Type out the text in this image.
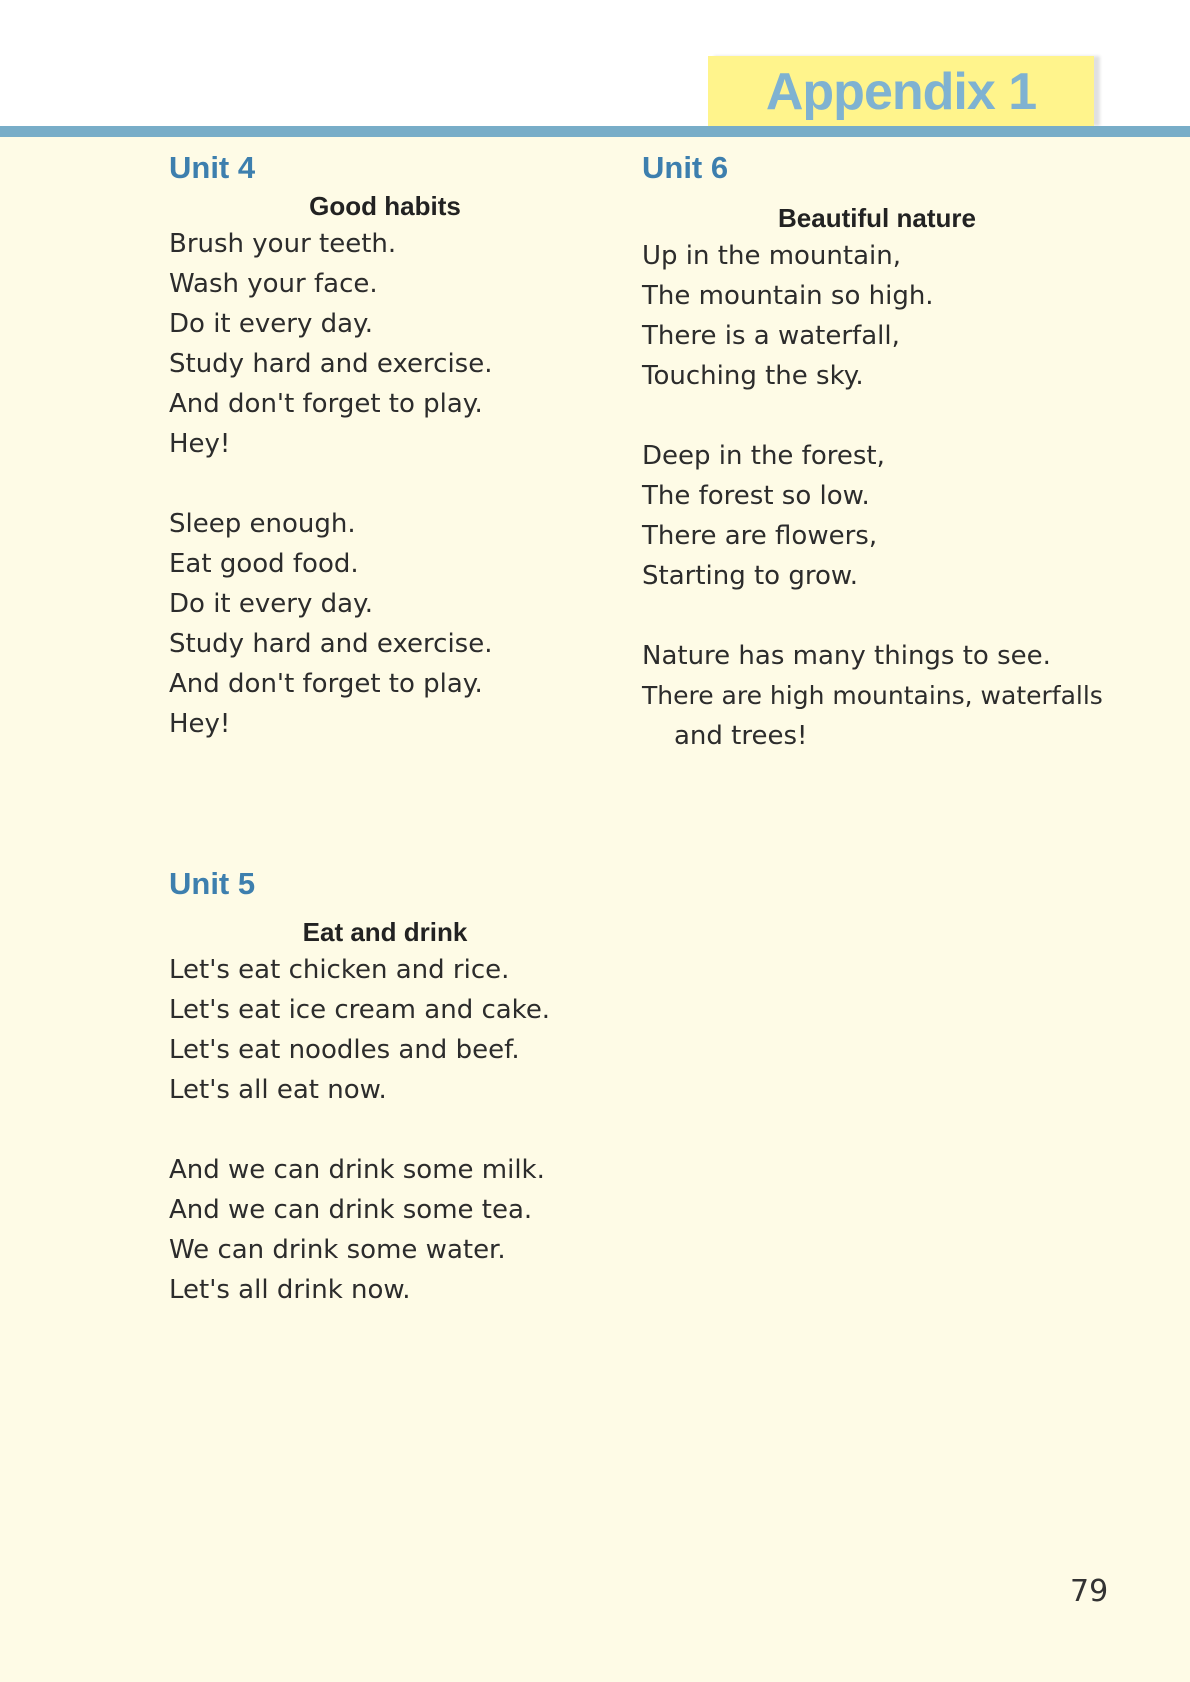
Appendix 1
Unit 4
Good habits
Brush your teeth.
Wash your face.
Do it every day.
Study hard and exercise.
And don't forget to play.
Hey!
Sleep enough.
Eat good food.
Do it every day.
Study hard and exercise.
And don't forget to play.
Hey!
Unit 5
Eat and drink
Let's eat chicken and rice.
Let's eat ice cream and cake.
Let's eat noodles and beef.
Let's all eat now.
And we can drink some milk.
And we can drink some tea.
We can drink some water.
Let's all drink now.
Unit 6
Beautiful nature
Up in the mountain,
The mountain so high.
There is a waterfall,
Touching the sky.
Deep in the forest,
The forest so low.
There are flowers,
Starting to grow.
Nature has many things to see.
There are high mountains, waterfalls
and trees!
79
